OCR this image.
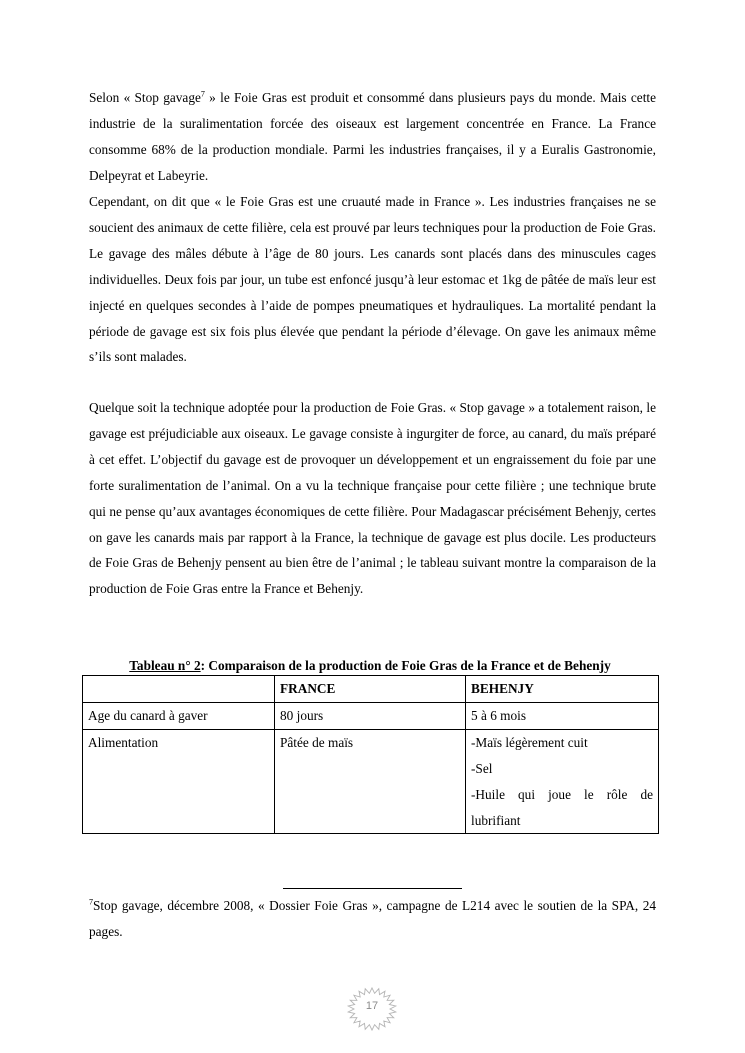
Selon « Stop gavage$^7$ » le Foie Gras est produit et consommé dans plusieurs pays du monde. Mais cette industrie de la suralimentation forcée des oiseaux est largement concentrée en France. La France consomme 68% de la production mondiale. Parmi les industries françaises, il y a Euralis Gastronomie, Delpeyrat et Labeyrie.

Cependant, on dit que « le Foie Gras est une cruauté made in France ». Les industries françaises ne se soucient des animaux de cette filière, cela est prouvé par leurs techniques pour la production de Foie Gras. Le gavage des mâles débute à l’âge de 80 jours. Les canards sont placés dans des minuscules cages individuelles. Deux fois par jour, un tube est enfoncé jusqu’à leur estomac et 1kg de pâtée de maïs leur est injecté en quelques secondes à l’aide de pompes pneumatiques et hydrauliques. La mortalité pendant la période de gavage est six fois plus élevée que pendant la période d’élevage. On gave les animaux même s’ils sont malades.

Quelque soit la technique adoptée pour la production de Foie Gras. « Stop gavage » a totalement raison, le gavage est préjudiciable aux oiseaux. Le gavage consiste à ingurgiter de force, au canard, du maïs préparé à cet effet. L’objectif du gavage est de provoquer un développement et un engraissement du foie par une forte suralimentation de l’animal. On a vu la technique française pour cette filière ; une technique brute qui ne pense qu’aux avantages économiques de cette filière. Pour Madagascar précisément Behenjy, certes on gave les canards mais par rapport à la France, la technique de gavage est plus docile. Les producteurs de Foie Gras de Behenjy pensent au bien être de l’animal ; le tableau suivant montre la comparaison de la production de Foie Gras entre la France et Behenjy.

Tableau n° 2: Comparaison de la production de Foie Gras de la France et de Behenjy
	FRANCE	BEHENJY
Age du canard à gaver	80 jours	5 à 6 mois
Alimentation	Pâtée de maïs	-Maïs légèrement cuit
-Sel
-Huile qui joue le rôle de
lubrifiant

$^7$Stop gavage, décembre 2008, « Dossier Foie Gras », campagne de L214 avec le soutien de la SPA, 24 pages.

17
